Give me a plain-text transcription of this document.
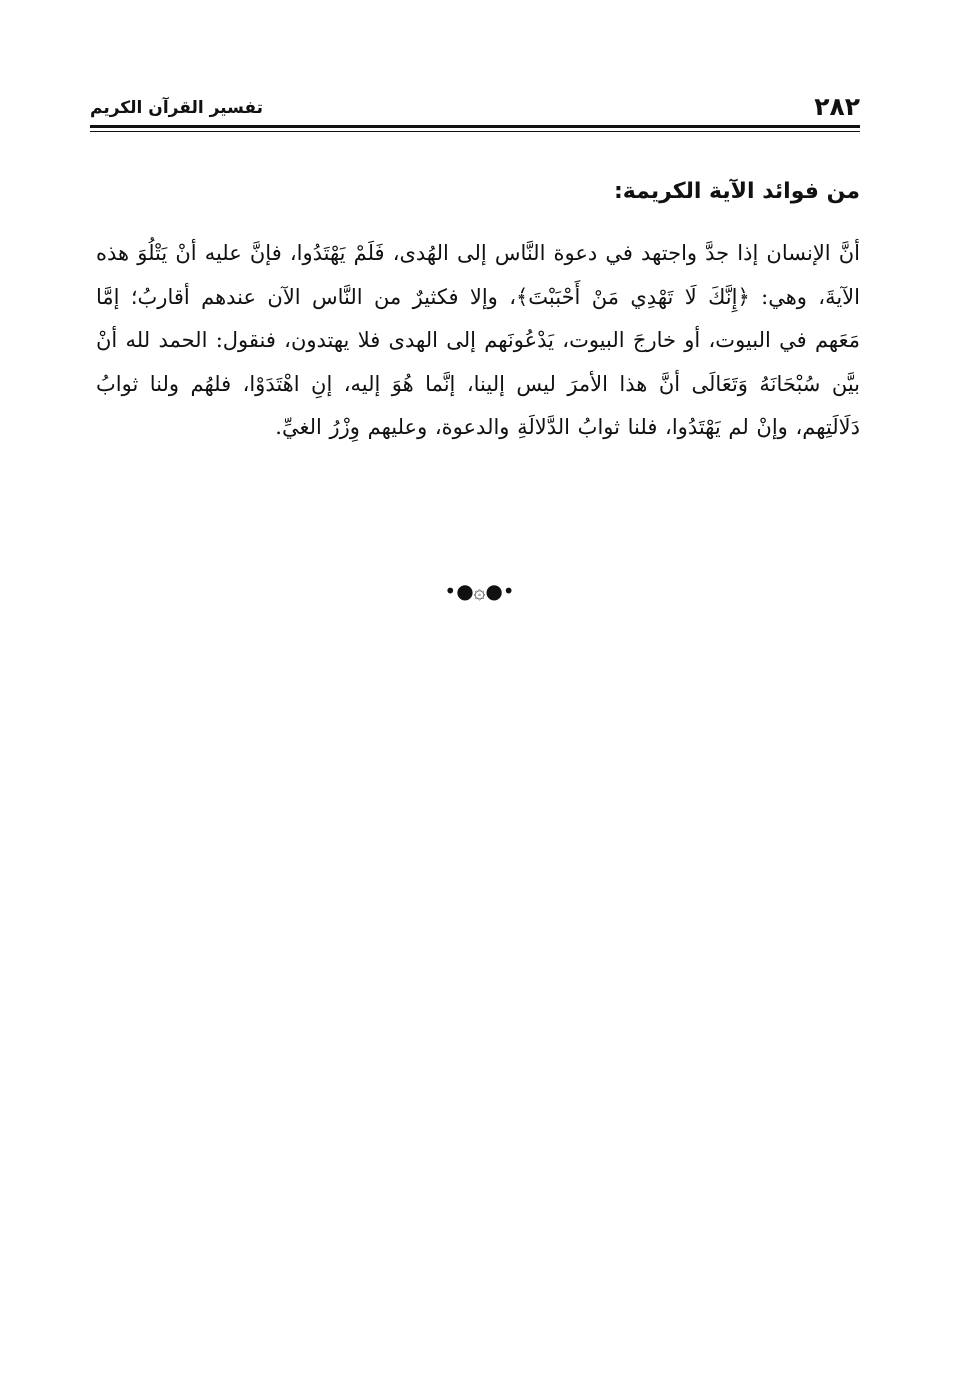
٢٨٢
تفسير القرآن الكريم
من فوائد الآية الكريمة:

أنَّ الإنسان إذا جدَّ واجتهد في دعوة النَّاس إلى الهُدى، فَلَمْ يَهْتَدُوا، فإنَّ عليه أنْ يَتْلُوَ هذه الآيةَ، وهي: ﴿إِنَّكَ لَا تَهْدِي مَنْ أَحْبَبْتَ﴾، وإلا فكثيرٌ من النَّاس الآن عندهم أقاربُ؛ إمَّا مَعَهم في البيوت، أو خارجَ البيوت، يَدْعُونَهم إلى الهدى فلا يهتدون، فنقول: الحمد لله أنْ بيَّن سُبْحَانَهُ وَتَعَالَى أنَّ هذا الأمرَ ليس إلينا، إنَّما هُوَ إليه، إنِ اهْتَدَوْا، فلهُم ولنا ثوابُ دَلَالَتِهم، وإنْ لم يَهْتَدُوا، فلنا ثوابُ الدَّلالَةِ والدعوة، وعليهم وِزْرُ الغيِّ.

•●۞●•
